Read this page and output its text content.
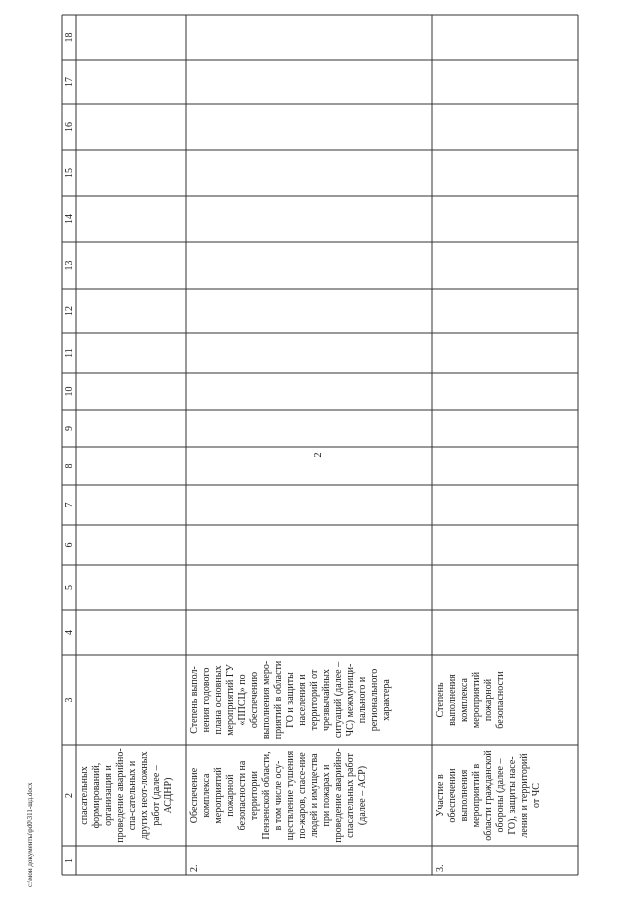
2
c:\мои документы\рd0\311-шд.docx	1
2
3
4
5
6
7
8
9
10
11
12
13
14
15
16
17
18
спасательных формирований, организация и проведение аварийно-спа-сательных и других неот-ложных работ (далее – АСДНР)
2.
Обеспечение комплекса мероприятий пожарной безопасности на территории Пензенской области, в том числе осу-ществление тушения по-жаров, спасе-ние людей и имущества при пожарах и проведение аварийно-спасательных работ (далее – АСР)
Степень выпол-нения годового плана основных мероприятий ГУ «ППСЦ» по обеспечению выполнения меро-приятий в области ГО и защиты населения и территорий от чрезвычайных ситуаций (далее – ЧС) межмуници-пального и регионального характера
3.
Участие в обеспечении выполнения мероприятий в области гражданской обороны (далее – ГО), защиты насе-ления и территорий от ЧС
Степень выполнения комплекса мероприятий пожарной безопасности
